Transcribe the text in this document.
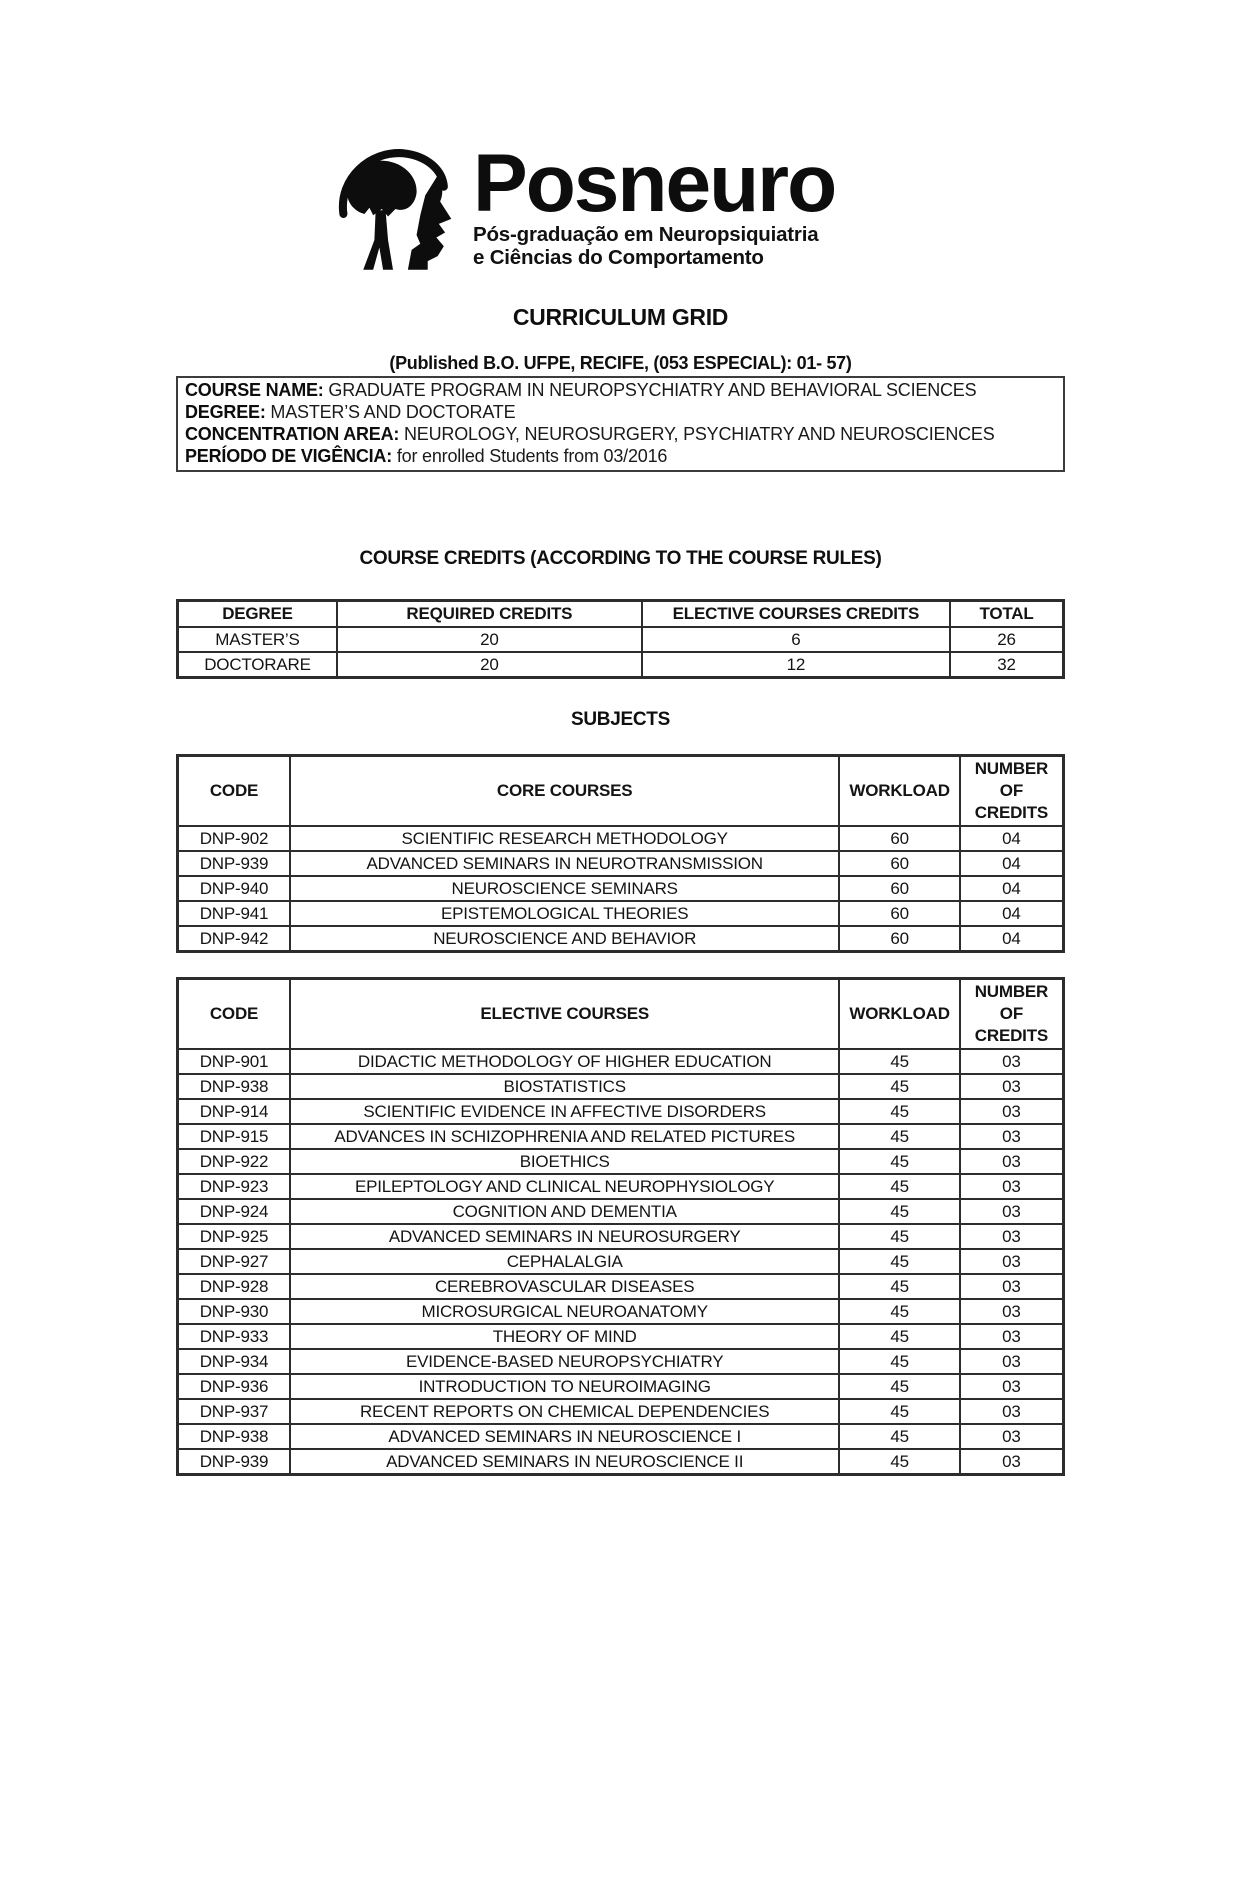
Posneuro
Pós-graduação em Neuropsiquiatria
e Ciências do Comportamento
CURRICULUM GRID
(Published B.O. UFPE, RECIFE, (053 ESPECIAL): 01- 57)
COURSE NAME: GRADUATE PROGRAM IN NEUROPSYCHIATRY AND BEHAVIORAL SCIENCES
DEGREE: MASTER’S AND DOCTORATE
CONCENTRATION AREA: NEUROLOGY, NEUROSURGERY, PSYCHIATRY AND NEUROSCIENCES
PERÍODO DE VIGÊNCIA: for enrolled Students from 03/2016
COURSE CREDITS (ACCORDING TO THE COURSE RULES)
DEGREE	REQUIRED CREDITS	ELECTIVE COURSES CREDITS	TOTAL
MASTER’S	20	6	26
DOCTORARE	20	12	32
SUBJECTS
CODE	CORE COURSES	WORKLOAD	NUMBER OF CREDITS
DNP-902	SCIENTIFIC RESEARCH METHODOLOGY	60	04
DNP-939	ADVANCED SEMINARS IN NEUROTRANSMISSION	60	04
DNP-940	NEUROSCIENCE SEMINARS	60	04
DNP-941	EPISTEMOLOGICAL THEORIES	60	04
DNP-942	NEUROSCIENCE AND BEHAVIOR	60	04
CODE	ELECTIVE COURSES	WORKLOAD	NUMBER OF CREDITS
DNP-901	DIDACTIC METHODOLOGY OF HIGHER EDUCATION	45	03
DNP-938	BIOSTATISTICS	45	03
DNP-914	SCIENTIFIC EVIDENCE IN AFFECTIVE DISORDERS	45	03
DNP-915	ADVANCES IN SCHIZOPHRENIA AND RELATED PICTURES	45	03
DNP-922	BIOETHICS	45	03
DNP-923	EPILEPTOLOGY AND CLINICAL NEUROPHYSIOLOGY	45	03
DNP-924	COGNITION AND DEMENTIA	45	03
DNP-925	ADVANCED SEMINARS IN NEUROSURGERY	45	03
DNP-927	CEPHALALGIA	45	03
DNP-928	CEREBROVASCULAR DISEASES	45	03
DNP-930	MICROSURGICAL NEUROANATOMY	45	03
DNP-933	THEORY OF MIND	45	03
DNP-934	EVIDENCE-BASED NEUROPSYCHIATRY	45	03
DNP-936	INTRODUCTION TO NEUROIMAGING	45	03
DNP-937	RECENT REPORTS ON CHEMICAL DEPENDENCIES	45	03
DNP-938	ADVANCED SEMINARS IN NEUROSCIENCE I	45	03
DNP-939	ADVANCED SEMINARS IN NEUROSCIENCE II	45	03
